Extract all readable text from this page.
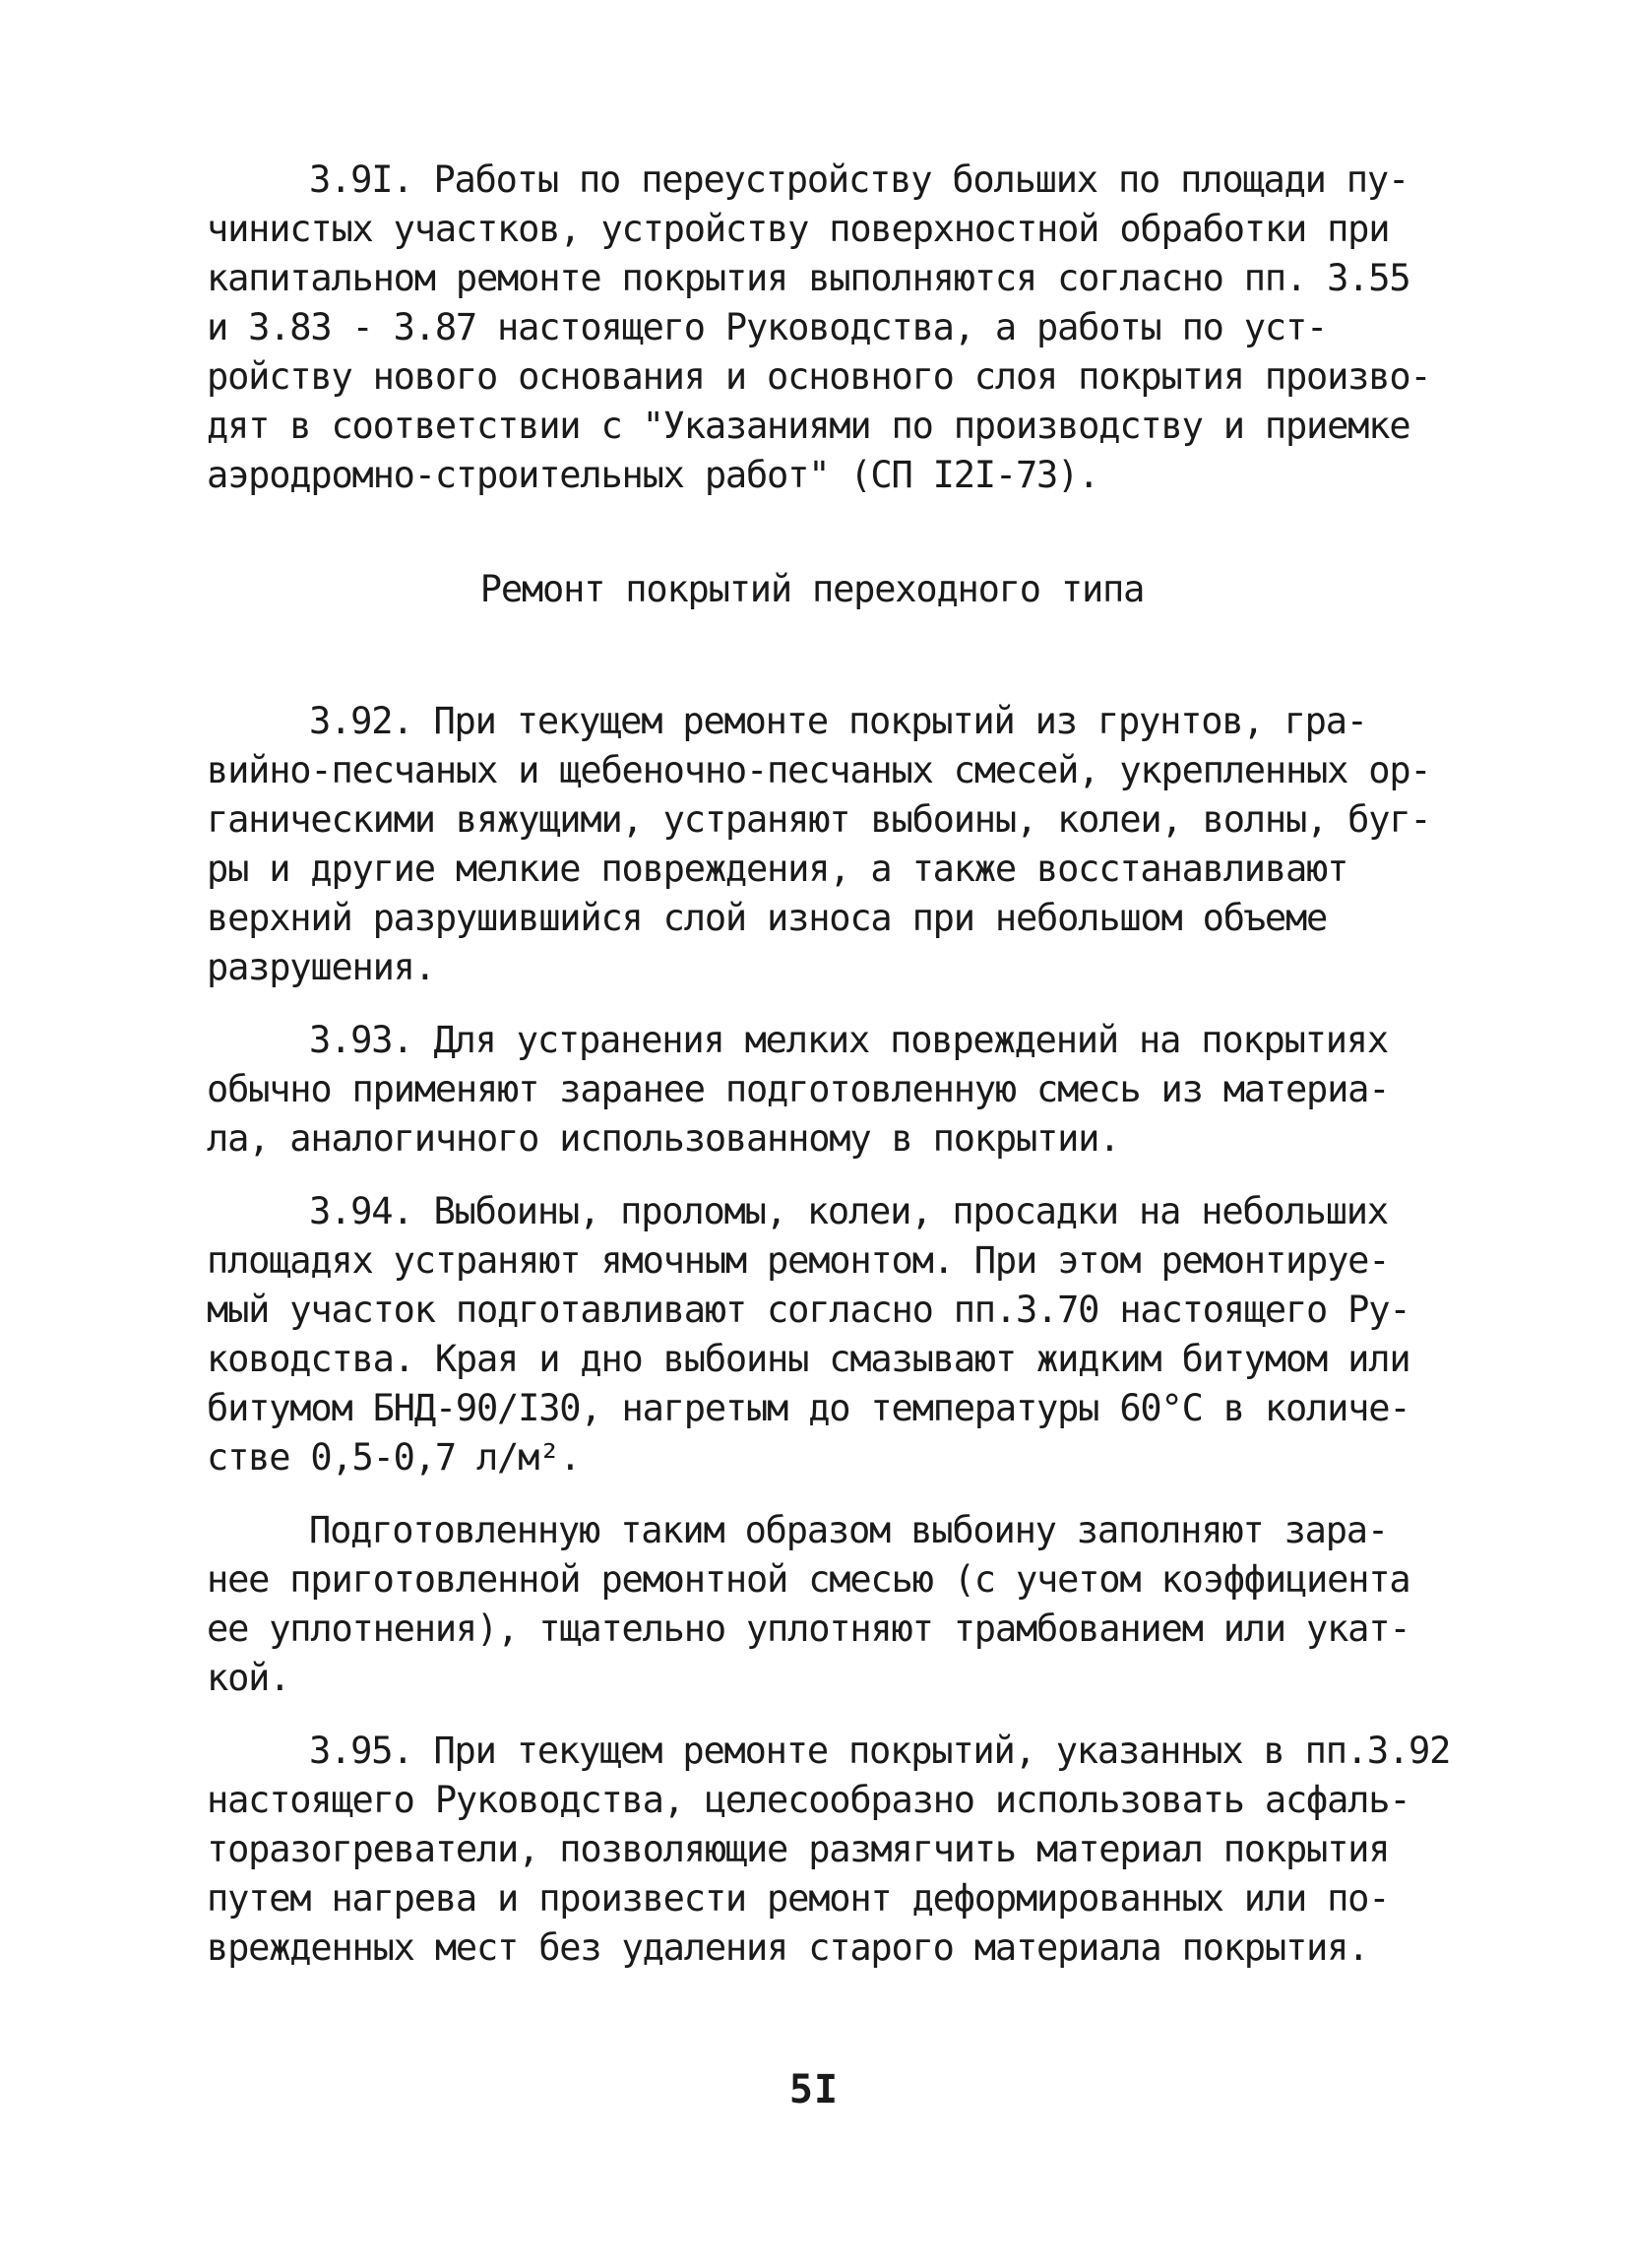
3.9I. Работы по переустройству больших по площади пу-
чинистых участков, устройству поверхностной обработки при
капитальном ремонте покрытия выполняются согласно пп. 3.55
и 3.83 - 3.87 настоящего Руководства, а работы по уст-
ройству нового основания и основного слоя покрытия произво-
дят в соответствии с "Указаниями по производству и приемке
аэродромно-строительных работ" (СП I2I-73).
Ремонт покрытий переходного типа
3.92. При текущем ремонте покрытий из грунтов, гра-
вийно-песчаных и щебеночно-песчаных смесей, укрепленных ор-
ганическими вяжущими, устраняют выбоины, колеи, волны, буг-
ры и другие мелкие повреждения, а также восстанавливают
верхний разрушившийся слой износа при небольшом объеме
разрушения.
3.93. Для устранения мелких повреждений на покрытиях
обычно применяют заранее подготовленную смесь из материа-
ла, аналогичного использованному в покрытии.
3.94. Выбоины, проломы, колеи, просадки на небольших
площадях устраняют ямочным ремонтом. При этом ремонтируе-
мый участок подготавливают согласно пп.3.70 настоящего Ру-
ководства. Края и дно выбоины смазывают жидким битумом или
битумом БНД-90/I30, нагретым до температуры 60°С в количе-
стве 0,5-0,7 л/м².
Подготовленную таким образом выбоину заполняют зара-
нее приготовленной ремонтной смесью (с учетом коэффициента
ее уплотнения), тщательно уплотняют трамбованием или укат-
кой.
3.95. При текущем ремонте покрытий, указанных в пп.3.92
настоящего Руководства, целесообразно использовать асфаль-
торазогреватели, позволяющие размягчить материал покрытия
путем нагрева и произвести ремонт деформированных или по-
врежденных мест без удаления старого материала покрытия.
5I
